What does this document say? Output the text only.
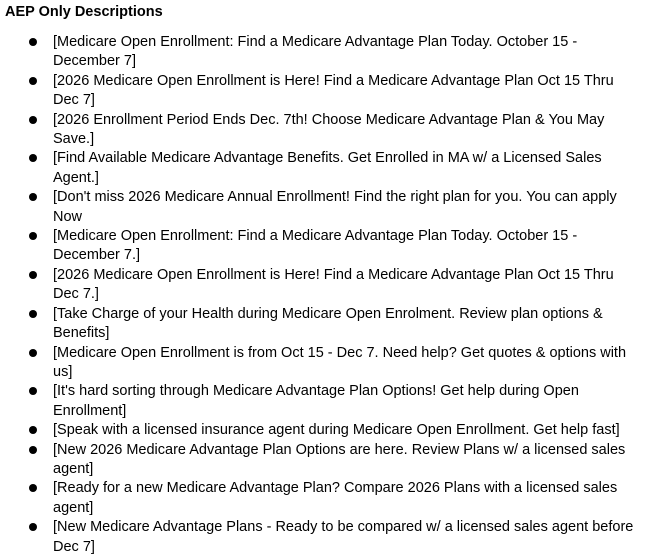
AEP Only Descriptions
[Medicare Open Enrollment: Find a Medicare Advantage Plan Today. October 15 - December 7]
[2026 Medicare Open Enrollment is Here! Find a Medicare Advantage Plan Oct 15 Thru Dec 7]
[2026 Enrollment Period Ends Dec. 7th! Choose Medicare Advantage Plan & You May Save.]
[Find Available Medicare Advantage Benefits. Get Enrolled in MA w/ a Licensed Sales Agent.]
[Don't miss 2026 Medicare Annual Enrollment! Find the right plan for you. You can apply Now
[Medicare Open Enrollment: Find a Medicare Advantage Plan Today. October 15 - December 7.]
[2026 Medicare Open Enrollment is Here! Find a Medicare Advantage Plan Oct 15 Thru Dec 7.]
[Take Charge of your Health during Medicare Open Enrolment. Review plan options & Benefits]
[Medicare Open Enrollment is from Oct 15 - Dec 7. Need help? Get quotes & options with us]
[It's hard sorting through Medicare Advantage Plan Options! Get help during Open Enrollment]
[Speak with a licensed insurance agent during Medicare Open Enrollment. Get help fast]
[New 2026 Medicare Advantage Plan Options are here. Review Plans w/ a licensed sales agent]
[Ready for a new Medicare Advantage Plan? Compare 2026 Plans with a licensed sales agent]
[New Medicare Advantage Plans - Ready to be compared w/ a licensed sales agent before Dec 7]
